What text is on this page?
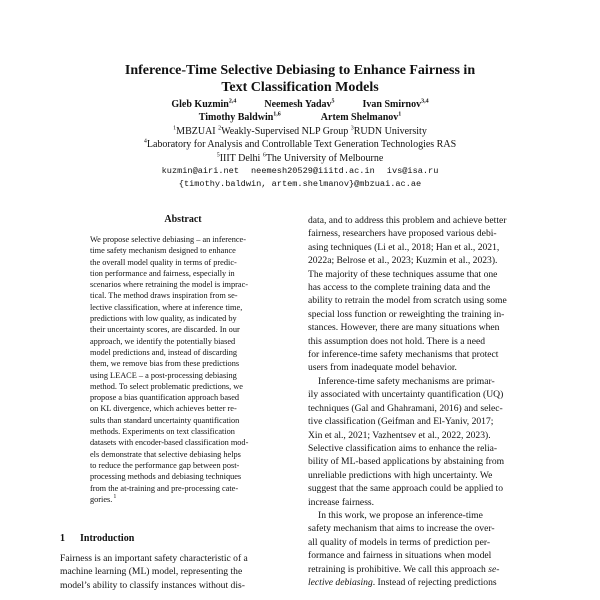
Inference-Time Selective Debiasing to Enhance Fairness in
Text Classification Models
Gleb Kuzmin$^{2,4}$	Neemesh Yadav$^5$	Ivan Smirnov$^{3,4}$
Timothy Baldwin$^{1,6}$	Artem Shelmanov$^1$
$^1$MBZUAI $^2$Weakly-Supervised NLP Group $^3$RUDN University
$^4$Laboratory for Analysis and Controllable Text Generation Technologies RAS
$^5$IIIT Delhi $^6$The University of Melbourne
kuzmin@airi.net neemesh20529@iiitd.ac.in ivs@isa.ru
{timothy.baldwin, artem.shelmanov}@mbzuai.ac.ae
Abstract
We propose selective debiasing – an inference-
time safety mechanism designed to enhance
the overall model quality in terms of predic-
tion performance and fairness, especially in
scenarios where retraining the model is imprac-
tical. The method draws inspiration from se-
lective classification, where at inference time,
predictions with low quality, as indicated by
their uncertainty scores, are discarded. In our
approach, we identify the potentially biased
model predictions and, instead of discarding
them, we remove bias from these predictions
using LEACE – a post-processing debiasing
method. To select problematic predictions, we
propose a bias quantification approach based
on KL divergence, which achieves better re-
sults than standard uncertainty quantification
methods. Experiments on text classification
datasets with encoder-based classification mod-
els demonstrate that selective debiasing helps
to reduce the performance gap between post-
processing methods and debiasing techniques
from the at-training and pre-processing cate-
gories.$^1$
1 Introduction
Fairness is an important safety characteristic of a
machine learning (ML) model, representing the
model’s ability to classify instances without dis-
data, and to address this problem and achieve better
fairness, researchers have proposed various debi-
asing techniques (Li et al., 2018; Han et al., 2021,
2022a; Belrose et al., 2023; Kuzmin et al., 2023).
The majority of these techniques assume that one
has access to the complete training data and the
ability to retrain the model from scratch using some
special loss function or reweighting the training in-
stances. However, there are many situations when
this assumption does not hold. There is a need
for inference-time safety mechanisms that protect
users from inadequate model behavior.
Inference-time safety mechanisms are primar-
ily associated with uncertainty quantification (UQ)
techniques (Gal and Ghahramani, 2016) and selec-
tive classification (Geifman and El-Yaniv, 2017;
Xin et al., 2021; Vazhentsev et al., 2022, 2023).
Selective classification aims to enhance the relia-
bility of ML-based applications by abstaining from
unreliable predictions with high uncertainty. We
suggest that the same approach could be applied to
increase fairness.
In this work, we propose an inference-time
safety mechanism that aims to increase the over-
all quality of models in terms of prediction per-
formance and fairness in situations when model
retraining is prohibitive. We call this approach se-
lective debiasing. Instead of rejecting predictions
